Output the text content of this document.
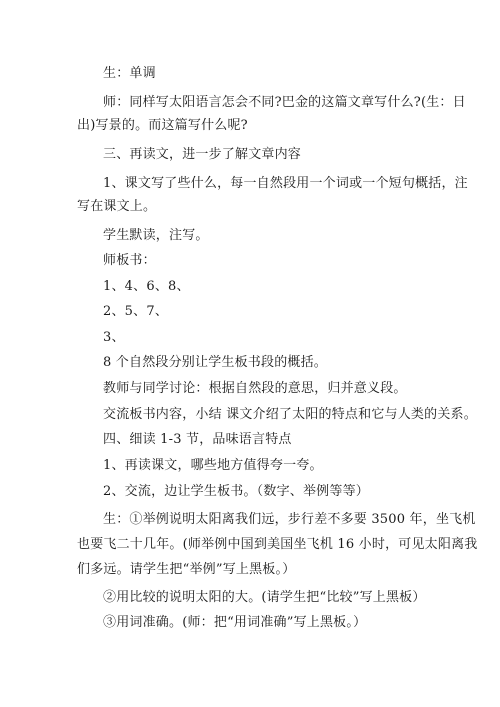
生：单调
师：同样写太阳语言怎会不同?巴金的这篇文章写什么?(生：日
出)写景的。而这篇写什么呢?
三、再读文，进一步了解文章内容
1、课文写了些什么，每一自然段用一个词或一个短句概括，注
写在课文上。
学生默读，注写。
师板书：
1、4、6、8、
2、5、7、
3、
8 个自然段分别让学生板书段的概括。
教师与同学讨论：根据自然段的意思，归并意义段。
交流板书内容，小结 课文介绍了太阳的特点和它与人类的关系。
四、细读 1-3 节，品味语言特点
1、再读课文，哪些地方值得夸一夸。
2、交流，边让学生板书。（数字、举例等等）
生：①举例说明太阳离我们远，步行差不多要 3500 年，坐飞机
也要飞二十几年。(师举例中国到美国坐飞机 16 小时，可见太阳离我
们多远。请学生把“举例”写上黑板。）
②用比较的说明太阳的大。(请学生把“比较”写上黑板）
③用词准确。(师：把“用词准确”写上黑板。）
